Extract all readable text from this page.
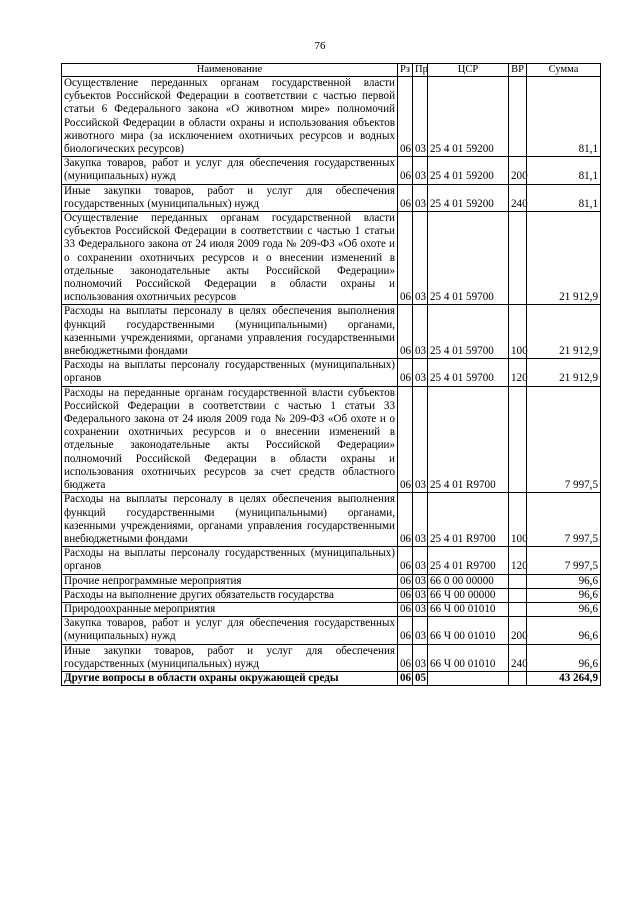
76
Наименование	Рз	Пр	ЦСР	ВР	Сумма
Осуществление переданных органам государственной власти субъектов Российской Федерации в соответствии с частью первой статьи 6 Федерального закона «О животном мире» полномочий Российской Федерации в области охраны и использования объектов животного мира (за исключением охотничьих ресурсов и водных биологических ресурсов)	06	03	25 4 01 59200		81,1
Закупка товаров, работ и услуг для обеспечения государственных (муниципальных) нужд	06	03	25 4 01 59200	200	81,1
Иные закупки товаров, работ и услуг для обеспечения государственных (муниципальных) нужд	06	03	25 4 01 59200	240	81,1
Осуществление переданных органам государственной власти субъектов Российской Федерации в соответствии с частью 1 статьи 33 Федерального закона от 24 июля 2009 года № 209-ФЗ «Об охоте и о сохранении охотничьих ресурсов и о внесении изменений в отдельные законодательные акты Российской Федерации» полномочий Российской Федерации в области охраны и использования охотничьих ресурсов	06	03	25 4 01 59700		21 912,9
Расходы на выплаты персоналу в целях обеспечения выполнения функций государственными (муниципальными) органами, казенными учреждениями, органами управления государственными внебюджетными фондами	06	03	25 4 01 59700	100	21 912,9
Расходы на выплаты персоналу государственных (муниципальных) органов	06	03	25 4 01 59700	120	21 912,9
Расходы на переданные органам государственной власти субъектов Российской Федерации в соответствии с частью 1 статьи 33 Федерального закона от 24 июля 2009 года № 209-ФЗ «Об охоте и о сохранении охотничьих ресурсов и о внесении изменений в отдельные законодательные акты Российской Федерации» полномочий Российской Федерации в области охраны и использования охотничьих ресурсов за счет средств областного бюджета	06	03	25 4 01 R9700		7 997,5
Расходы на выплаты персоналу в целях обеспечения выполнения функций государственными (муниципальными) органами, казенными учреждениями, органами управления государственными внебюджетными фондами	06	03	25 4 01 R9700	100	7 997,5
Расходы на выплаты персоналу государственных (муниципальных) органов	06	03	25 4 01 R9700	120	7 997,5
Прочие непрограммные мероприятия	06	03	66 0 00 00000		96,6
Расходы на выполнение других обязательств государства	06	03	66 Ч 00 00000		96,6
Природоохранные мероприятия	06	03	66 Ч 00 01010		96,6
Закупка товаров, работ и услуг для обеспечения государственных (муниципальных) нужд	06	03	66 Ч 00 01010	200	96,6
Иные закупки товаров, работ и услуг для обеспечения государственных (муниципальных) нужд	06	03	66 Ч 00 01010	240	96,6
Другие вопросы в области охраны окружающей среды	06	05			43 264,9
